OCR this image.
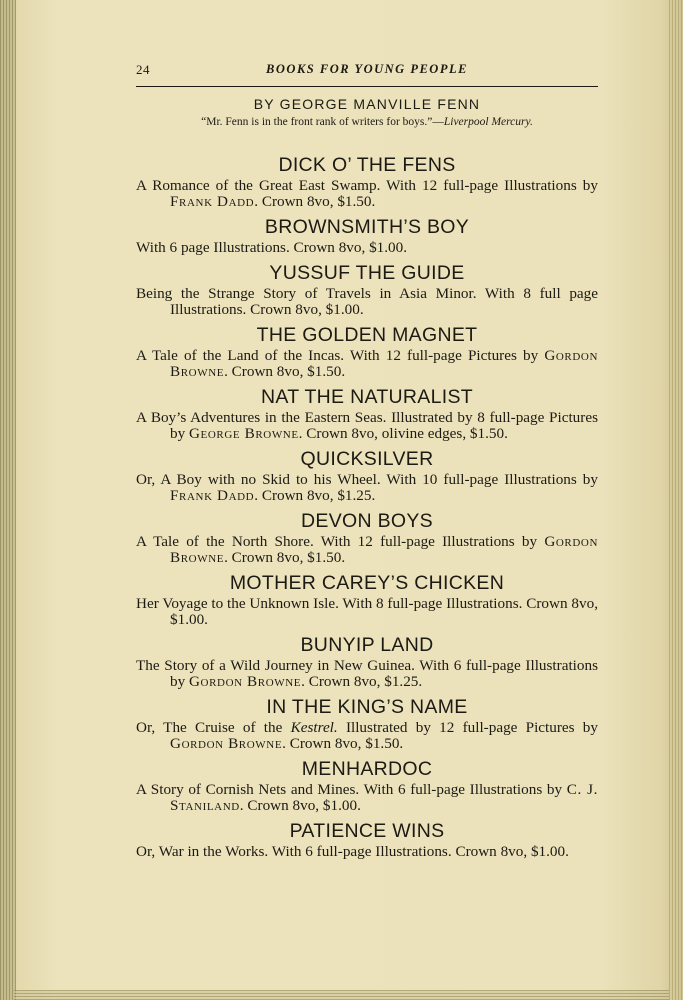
24	BOOKS FOR YOUNG PEOPLE
BY GEORGE MANVILLE FENN
“Mr. Fenn is in the front rank of writers for boys.”—Liverpool Mercury.
DICK O’ THE FENS

A Romance of the Great East Swamp. With 12 full-page Illustrations by Frank Dadd. Crown 8vo, $1.50.

BROWNSMITH’S BOY

With 6 page Illustrations. Crown 8vo, $1.00.

YUSSUF THE GUIDE

Being the Strange Story of Travels in Asia Minor. With 8 full page Illustrations. Crown 8vo, $1.00.

THE GOLDEN MAGNET

A Tale of the Land of the Incas. With 12 full-page Pictures by Gordon Browne. Crown 8vo, $1.50.

NAT THE NATURALIST

A Boy’s Adventures in the Eastern Seas. Illustrated by 8 full-page Pictures by George Browne. Crown 8vo, olivine edges, $1.50.

QUICKSILVER

Or, A Boy with no Skid to his Wheel. With 10 full-page Illustrations by Frank Dadd. Crown 8vo, $1.25.

DEVON BOYS

A Tale of the North Shore. With 12 full-page Illustrations by Gordon Browne. Crown 8vo, $1.50.

MOTHER CAREY’S CHICKEN

Her Voyage to the Unknown Isle. With 8 full-page Illustrations. Crown 8vo, $1.00.

BUNYIP LAND

The Story of a Wild Journey in New Guinea. With 6 full-page Illustrations by Gordon Browne. Crown 8vo, $1.25.

IN THE KING’S NAME

Or, The Cruise of the Kestrel. Illustrated by 12 full-page Pictures by Gordon Browne. Crown 8vo, $1.50.

MENHARDOC

A Story of Cornish Nets and Mines. With 6 full-page Illustrations by C. J. Staniland. Crown 8vo, $1.00.

PATIENCE WINS

Or, War in the Works. With 6 full-page Illustrations. Crown 8vo, $1.00.
